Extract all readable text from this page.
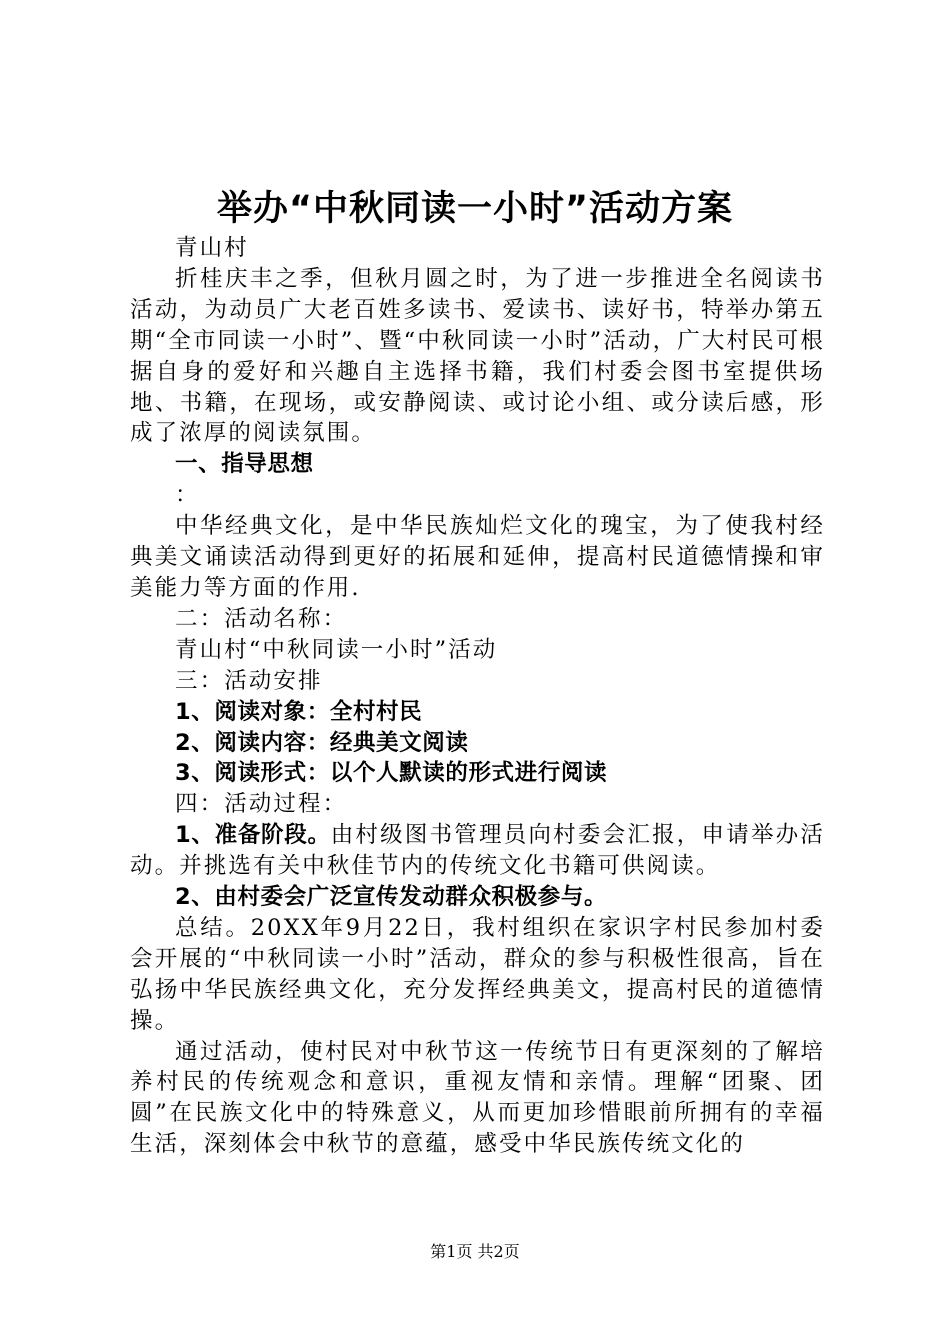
举办“中秋同读一小时”活动方案

青山村

折桂庆丰之季，但秋月圆之时，为了进一步推进全名阅读书活动，为动员广大老百姓多读书、爱读书、读好书，特举办第五期“全市同读一小时”、暨“中秋同读一小时”活动，广大村民可根据自身的爱好和兴趣自主选择书籍，我们村委会图书室提供场地、书籍，在现场，或安静阅读、或讨论小组、或分读后感，形成了浓厚的阅读氛围。

一、指导思想

：

中华经典文化，是中华民族灿烂文化的瑰宝，为了使我村经典美文诵读活动得到更好的拓展和延伸，提高村民道德情操和审美能力等方面的作用.

二：活动名称：

青山村“中秋同读一小时”活动

三：活动安排

1、阅读对象：全村村民

2、阅读内容：经典美文阅读

3、阅读形式：以个人默读的形式进行阅读

四：活动过程：

1、准备阶段。由村级图书管理员向村委会汇报，申请举办活动。并挑选有关中秋佳节内的传统文化书籍可供阅读。

2、由村委会广泛宣传发动群众积极参与。

总结。20XX年9月22日，我村组织在家识字村民参加村委会开展的“中秋同读一小时”活动，群众的参与积极性很高，旨在弘扬中华民族经典文化，充分发挥经典美文，提高村民的道德情操。

通过活动，使村民对中秋节这一传统节日有更深刻的了解培养村民的传统观念和意识，重视友情和亲情。理解“团聚、团圆”在民族文化中的特殊意义，从而更加珍惜眼前所拥有的幸福生活，深刻体会中秋节的意蕴，感受中华民族传统文化的

第1页 共2页
